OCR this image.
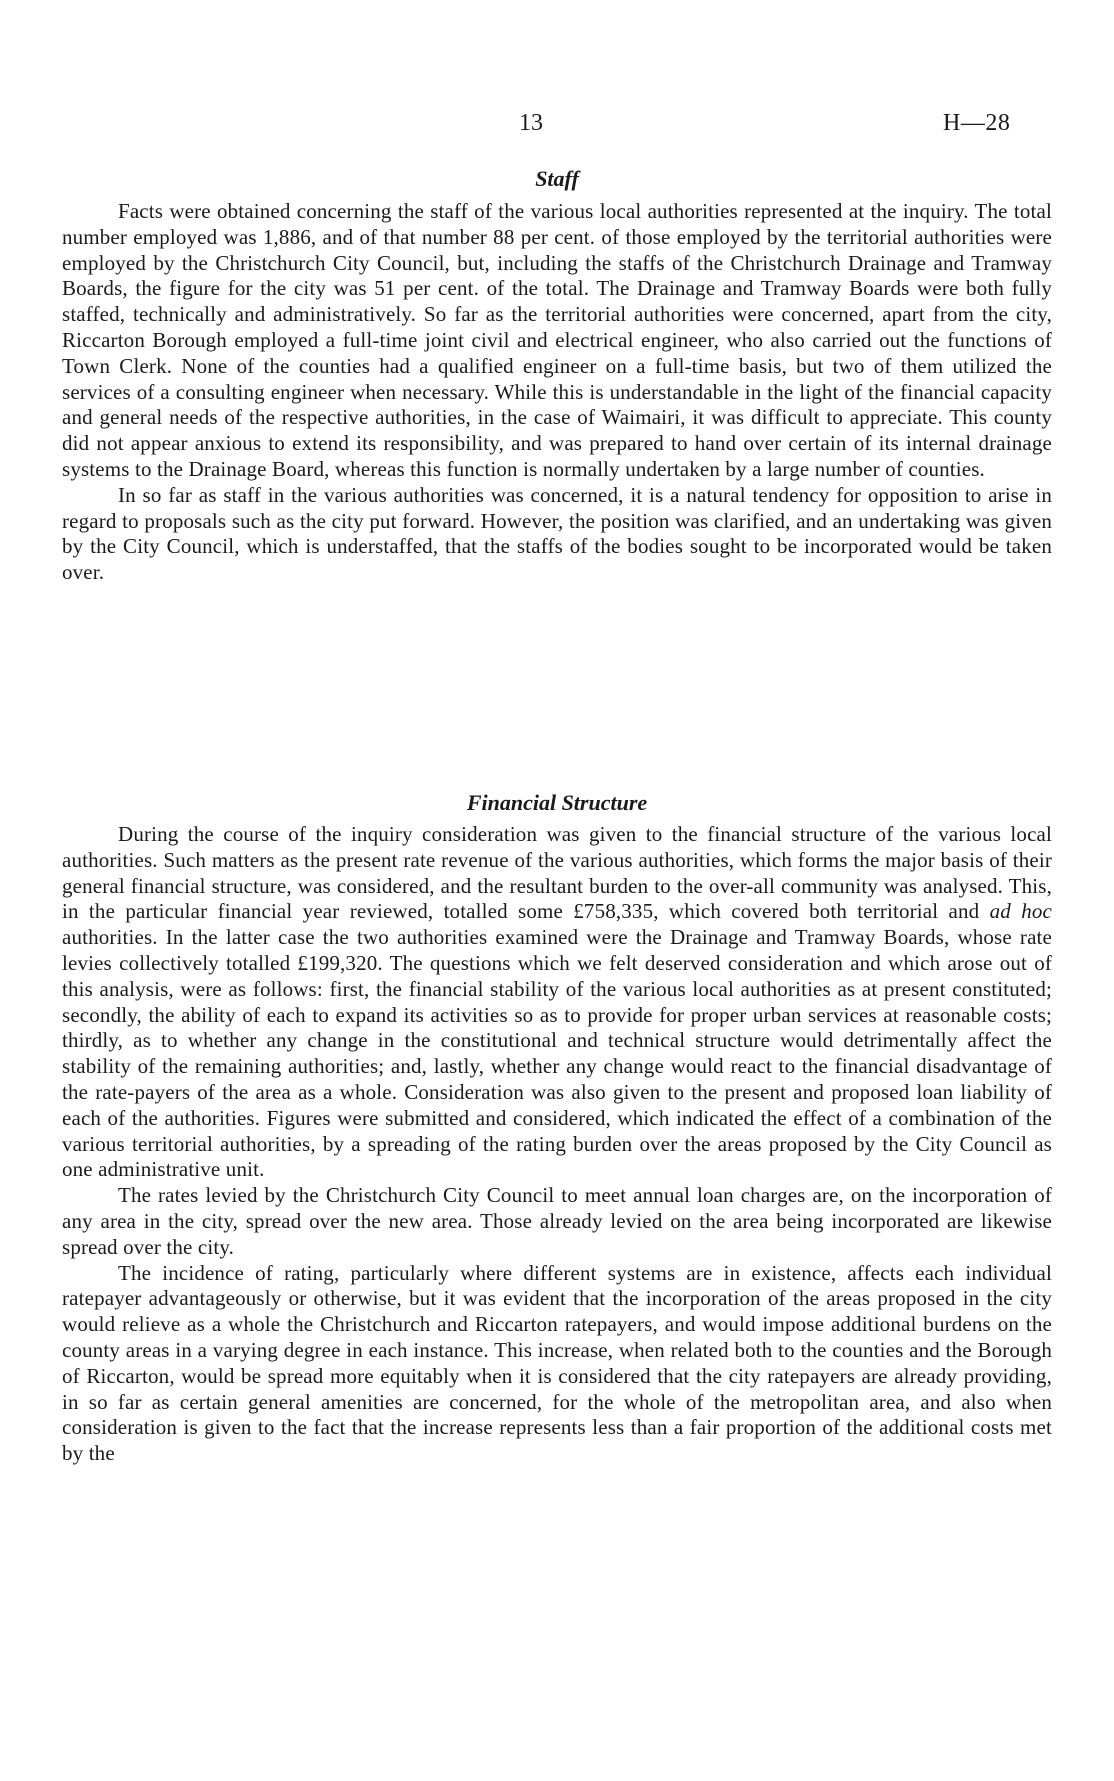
13	H—28
Staff

Facts were obtained concerning the staff of the various local authorities represented at the inquiry. The total number employed was 1,886, and of that number 88 per cent. of those employed by the territorial authorities were employed by the Christchurch City Council, but, including the staffs of the Christchurch Drainage and Tramway Boards, the figure for the city was 51 per cent. of the total. The Drainage and Tramway Boards were both fully staffed, technically and administratively. So far as the territorial authorities were concerned, apart from the city, Riccarton Borough employed a full-time joint civil and electrical engineer, who also carried out the functions of Town Clerk. None of the counties had a qualified engineer on a full-time basis, but two of them utilized the services of a consulting engineer when necessary. While this is understandable in the light of the financial capacity and general needs of the respective authorities, in the case of Waimairi, it was difficult to appreciate. This county did not appear anxious to extend its responsibility, and was prepared to hand over certain of its internal drainage systems to the Drainage Board, whereas this function is normally undertaken by a large number of counties.

In so far as staff in the various authorities was concerned, it is a natural tendency for opposition to arise in regard to proposals such as the city put forward. However, the position was clarified, and an undertaking was given by the City Council, which is understaffed, that the staffs of the bodies sought to be incorporated would be taken over.

Financial Structure

During the course of the inquiry consideration was given to the financial structure of the various local authorities. Such matters as the present rate revenue of the various authorities, which forms the major basis of their general financial structure, was considered, and the resultant burden to the over-all community was analysed. This, in the particular financial year reviewed, totalled some £758,335, which covered both territorial and ad hoc authorities. In the latter case the two authorities examined were the Drainage and Tramway Boards, whose rate levies collectively totalled £199,320. The questions which we felt deserved consideration and which arose out of this analysis, were as follows: first, the financial stability of the various local authorities as at present constituted; secondly, the ability of each to expand its activities so as to provide for proper urban services at reasonable costs; thirdly, as to whether any change in the constitutional and technical structure would detrimentally affect the stability of the remaining authorities; and, lastly, whether any change would react to the financial disadvantage of the rate-payers of the area as a whole. Consideration was also given to the present and proposed loan liability of each of the authorities. Figures were submitted and considered, which indicated the effect of a combination of the various territorial authorities, by a spreading of the rating burden over the areas proposed by the City Council as one administrative unit.

The rates levied by the Christchurch City Council to meet annual loan charges are, on the incorporation of any area in the city, spread over the new area. Those already levied on the area being incorporated are likewise spread over the city.

The incidence of rating, particularly where different systems are in existence, affects each individual ratepayer advantageously or otherwise, but it was evident that the incorporation of the areas proposed in the city would relieve as a whole the Christchurch and Riccarton ratepayers, and would impose additional burdens on the county areas in a varying degree in each instance. This increase, when related both to the counties and the Borough of Riccarton, would be spread more equitably when it is considered that the city ratepayers are already providing, in so far as certain general amenities are concerned, for the whole of the metropolitan area, and also when consideration is given to the fact that the increase represents less than a fair proportion of the additional costs met by the
